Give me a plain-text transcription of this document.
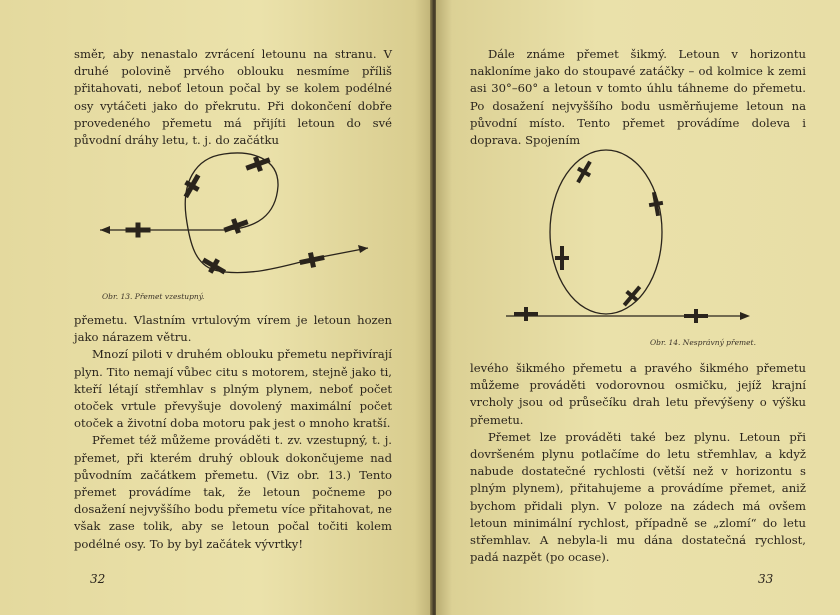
směr, aby nenastalo zvrácení letounu na stranu. V druhé polovině prvého oblouku nesmíme příliš přitahovati, neboť letoun počal by se kolem podélné osy vytáčeti jako do překrutu. Při dokončení dobře provedeného přemetu má přijíti letoun do své původní dráhy letu, t. j. do začátku

Obr. 13. Přemet vzestupný.

přemetu. Vlastním vrtulovým vírem je letoun hozen jako nárazem větru.

Mnozí piloti v druhém oblouku přemetu nepřivírají plyn. Tito nemají vůbec citu s motorem, stejně jako ti, kteří létají střemhlav s plným plynem, neboť počet otoček vrtule převyšuje dovolený maximální počet otoček a životní doba motoru pak jest o mnoho kratší.

Přemet též můžeme prováděti t. zv. vzestupný, t. j. přemet, při kterém druhý oblouk dokončujeme nad původním začátkem přemetu. (Viz obr. 13.) Tento přemet provádíme tak, že letoun počneme po dosažení nejvyššího bodu přemetu více přitahovat, ne však zase tolik, aby se letoun počal točiti kolem podélné osy. To by byl začátek vývrtky!

32

Dále známe přemet šikmý. Letoun v horizontu nakloníme jako do stoupavé zatáčky – od kolmice k zemi asi 30°–60° a letoun v tomto úhlu táhneme do přemetu. Po dosažení nejvyššího bodu usměrňujeme letoun na původní místo. Tento přemet provádíme doleva i doprava. Spojením

Obr. 14. Nesprávný přemet.

levého šikmého přemetu a pravého šikmého přemetu můžeme prováděti vodorovnou osmičku, jejíž krajní vrcholy jsou od průsečíku drah letu převýšeny o výšku přemetu.

Přemet lze prováděti také bez plynu. Letoun při dovršeném plynu potlačíme do letu střemhlav, a když nabude dostatečné rychlosti (větší než v horizontu s plným plynem), přitahujeme a provádíme přemet, aniž bychom přidali plyn. V poloze na zádech má ovšem letoun minimální rychlost, případně se „zlomí“ do letu střemhlav. A nebyla-li mu dána dostatečná rychlost, padá nazpět (po ocase).

33
